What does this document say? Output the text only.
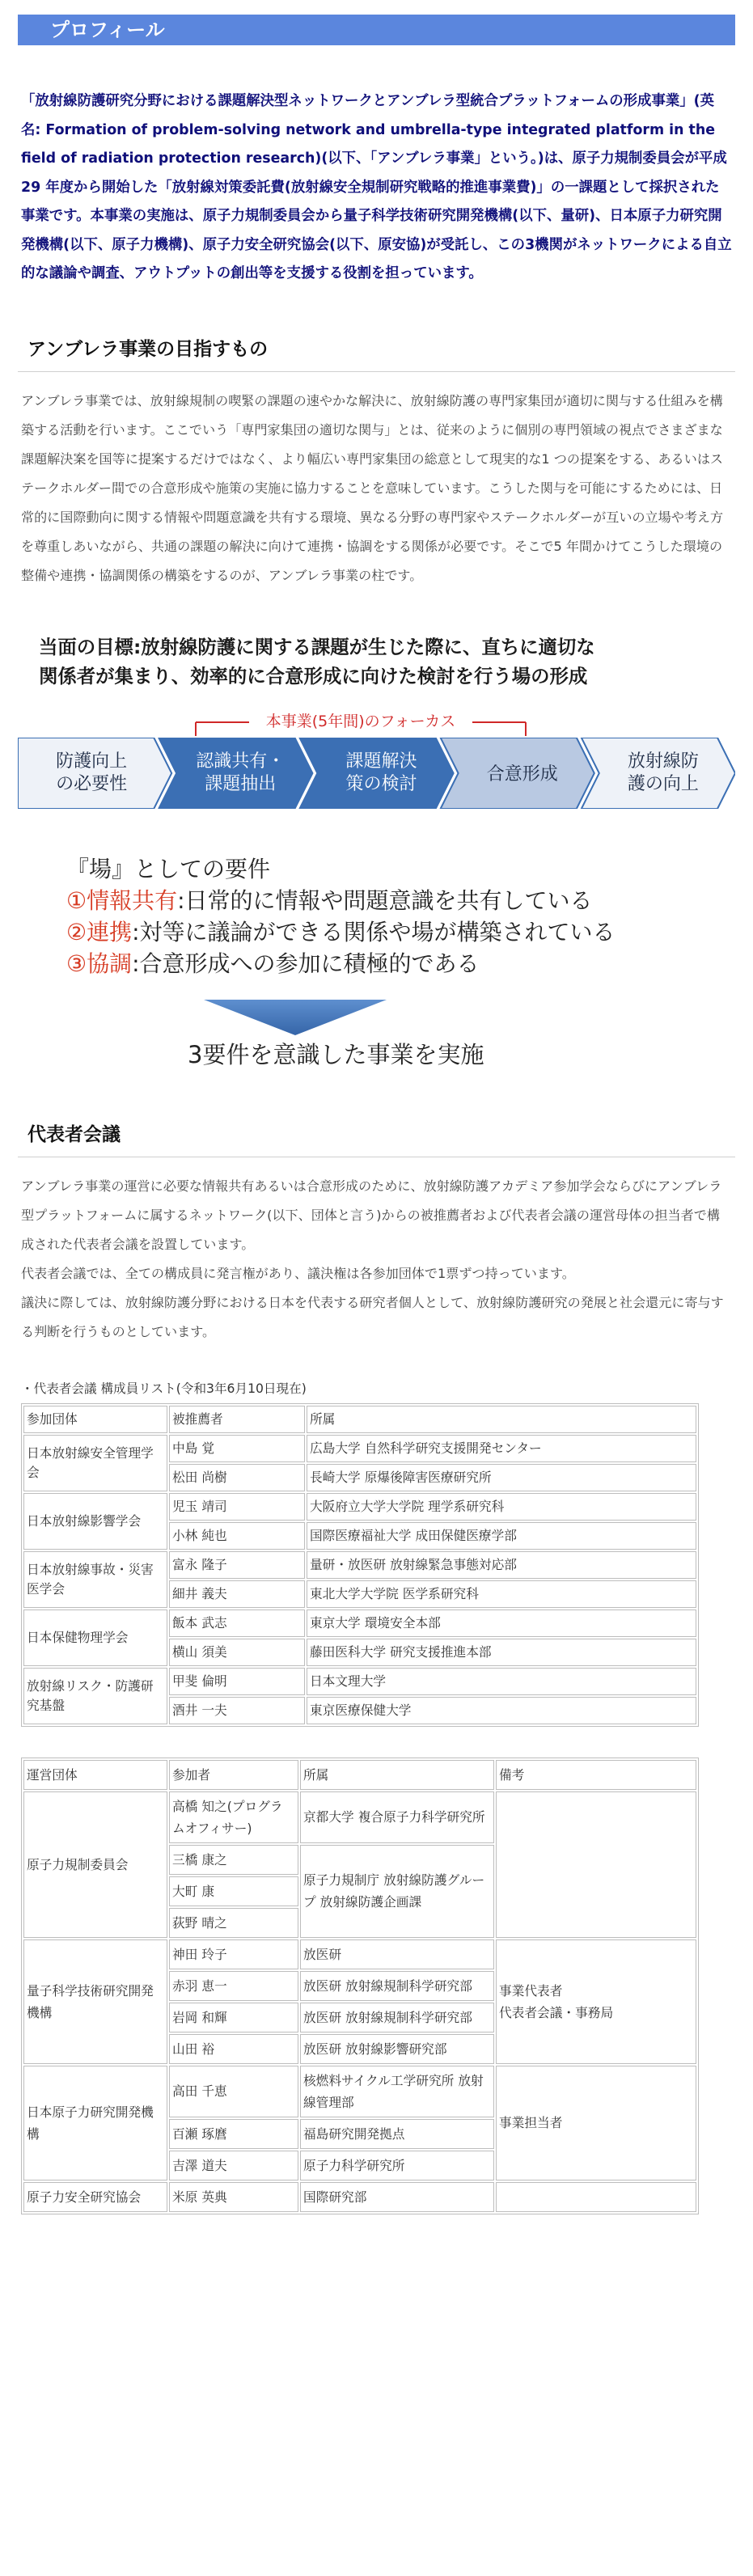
プロフィール
「放射線防護研究分野における課題解決型ネットワークとアンブレラ型統合プラットフォームの形成事業」(英名: Formation of problem-solving network and umbrella-type integrated platform in the field of radiation protection research)(以下、「アンブレラ事業」という。)は、原子力規制委員会が平成29 年度から開始した「放射線対策委託費(放射線安全規制研究戦略的推進事業費)」の一課題として採択された事業です。本事業の実施は、原子力規制委員会から量子科学技術研究開発機構(以下、量研)、日本原子力研究開発機構(以下、原子力機構)、原子力安全研究協会(以下、原安協)が受託し、この3機関がネットワークによる自立的な議論や調査、アウトプットの創出等を支援する役割を担っています。
アンブレラ事業の目指すもの
アンブレラ事業では、放射線規制の喫緊の課題の速やかな解決に、放射線防護の専門家集団が適切に関与する仕組みを構築する活動を行います。ここでいう「専門家集団の適切な関与」とは、従来のように個別の専門領域の視点でさまざまな課題解決案を国等に提案するだけではなく、より幅広い専門家集団の総意として現実的な1 つの提案をする、あるいはステークホルダー間での合意形成や施策の実施に協力することを意味しています。こうした関与を可能にするためには、日常的に国際動向に関する情報や問題意識を共有する環境、異なる分野の専門家やステークホルダーが互いの立場や考え方を尊重しあいながら、共通の課題の解決に向けて連携・協調をする関係が必要です。そこで5 年間かけてこうした環境の整備や連携・協調関係の構築をするのが、アンブレラ事業の柱です。
当面の目標:放射線防護に関する課題が生じた際に、直ちに適切な
関係者が集まり、効率的に合意形成に向けた検討を行う場の形成
本事業(5年間)のフォーカス
防護向上
の必要性
認識共有・
課題抽出
課題解決
策の検討	合意形成
放射線防
護の向上
『場』としての要件
①情報共有:日常的に情報や問題意識を共有している
②連携:対等に議論ができる関係や場が構築されている
③協調:合意形成への参加に積極的である
3要件を意識した事業を実施
代表者会議
アンブレラ事業の運営に必要な情報共有あるいは合意形成のために、放射線防護アカデミア参加学会ならびにアンブレラ型プラットフォームに属するネットワーク(以下、団体と言う)からの被推薦者および代表者会議の運営母体の担当者で構成された代表者会議を設置しています。
代表者会議では、全ての構成員に発言権があり、議決権は各参加団体で1票ずつ持っています。
議決に際しては、放射線防護分野における日本を代表する研究者個人として、放射線防護研究の発展と社会還元に寄与する判断を行うものとしています。
・代表者会議 構成員リスト(令和3年6月10日現在)
参加団体	被推薦者	所属
日本放射線安全管理学会	中島 覚	広島大学 自然科学研究支援開発センター
	松田 尚樹	長崎大学 原爆後障害医療研究所
日本放射線影響学会	児玉 靖司	大阪府立大学大学院 理学系研究科
	小林 純也	国際医療福祉大学 成田保健医療学部
日本放射線事故・災害医学会	富永 隆子	量研・放医研 放射線緊急事態対応部
	細井 義夫	東北大学大学院 医学系研究科
日本保健物理学会	飯本 武志	東京大学 環境安全本部
	横山 須美	藤田医科大学 研究支援推進本部
放射線リスク・防護研究基盤	甲斐 倫明	日本文理大学
	酒井 一夫	東京医療保健大学
運営団体	参加者	所属	備考
原子力規制委員会	高橋 知之(プログラムオフィサー)	京都大学 複合原子力科学研究所	
	三橋 康之	原子力規制庁 放射線防護グループ 放射線防護企画課	
	大町 康		
	荻野 晴之		
量子科学技術研究開発機構	神田 玲子	放医研	事業代表者
代表者会議・事務局
	赤羽 恵一	放医研 放射線規制科学研究部	
	岩岡 和輝	放医研 放射線規制科学研究部	
	山田 裕	放医研 放射線影響研究部	
日本原子力研究開発機構	高田 千恵	核燃料サイクル工学研究所 放射線管理部	事業担当者
	百瀬 琢麿	福島研究開発拠点	
	吉澤 道夫	原子力科学研究所	
原子力安全研究協会	米原 英典	国際研究部	
